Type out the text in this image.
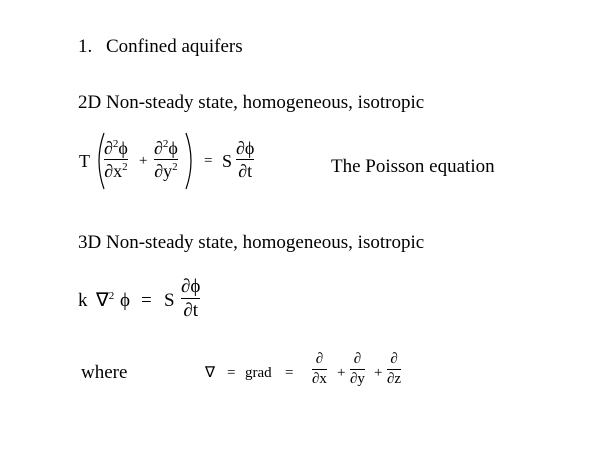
1. Confined aquifers
2D Non-steady state, homogeneous, isotropic
T
∂$^2$ϕ
$\partial x^2$ +
∂$^2$ϕ
$\partial y^2 = S$
∂ϕ
∂t	The Poisson equation
3D Non-steady state, homogeneous, isotropic
k ∇$^2$ ϕ = S
∂ϕ
∂t
where	∇ = grad =
∂
∂x +
∂
∂y +
∂
∂z
